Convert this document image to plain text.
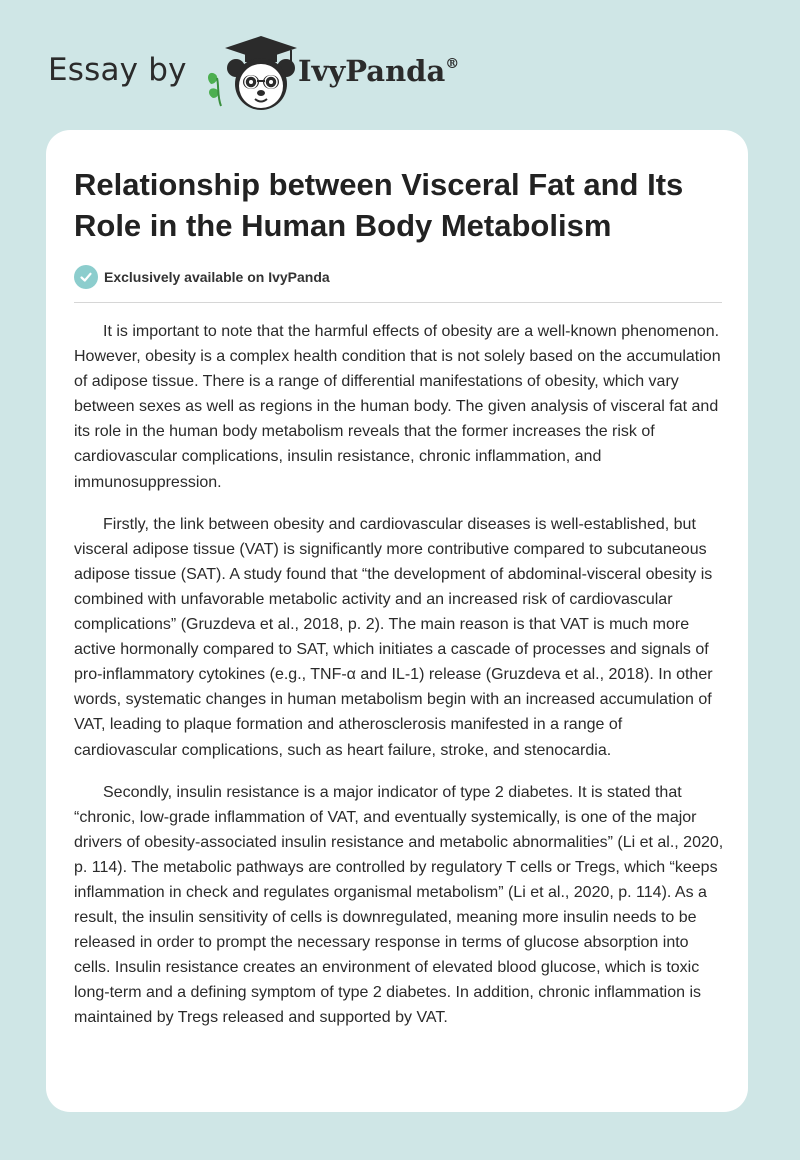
Essay by	IvyPanda®
Relationship between Visceral Fat and Its Role in the Human Body Metabolism
Exclusively available on IvyPanda

It is important to note that the harmful effects of obesity are a well-known phenomenon. However, obesity is a complex health condition that is not solely based on the accumulation of adipose tissue. There is a range of differential manifestations of obesity, which vary between sexes as well as regions in the human body. The given analysis of visceral fat and its role in the human body metabolism reveals that the former increases the risk of cardiovascular complications, insulin resistance, chronic inflammation, and immunosuppression.

Firstly, the link between obesity and cardiovascular diseases is well-established, but visceral adipose tissue (VAT) is significantly more contributive compared to subcutaneous adipose tissue (SAT). A study found that “the development of abdominal-visceral obesity is combined with unfavorable metabolic activity and an increased risk of cardiovascular complications” (Gruzdeva et al., 2018, p. 2). The main reason is that VAT is much more active hormonally compared to SAT, which initiates a cascade of processes and signals of pro-inflammatory cytokines (e.g., TNF-α and IL-1) release (Gruzdeva et al., 2018). In other words, systematic changes in human metabolism begin with an increased accumulation of VAT, leading to plaque formation and atherosclerosis manifested in a range of cardiovascular complications, such as heart failure, stroke, and stenocardia.

Secondly, insulin resistance is a major indicator of type 2 diabetes. It is stated that “chronic, low-grade inflammation of VAT, and eventually systemically, is one of the major drivers of obesity-associated insulin resistance and metabolic abnormalities” (Li et al., 2020, p. 114). The metabolic pathways are controlled by regulatory T cells or Tregs, which “keeps inflammation in check and regulates organismal metabolism” (Li et al., 2020, p. 114). As a result, the insulin sensitivity of cells is downregulated, meaning more insulin needs to be released in order to prompt the necessary response in terms of glucose absorption into cells. Insulin resistance creates an environment of elevated blood glucose, which is toxic long-term and a defining symptom of type 2 diabetes. In addition, chronic inflammation is maintained by Tregs released and supported by VAT.
